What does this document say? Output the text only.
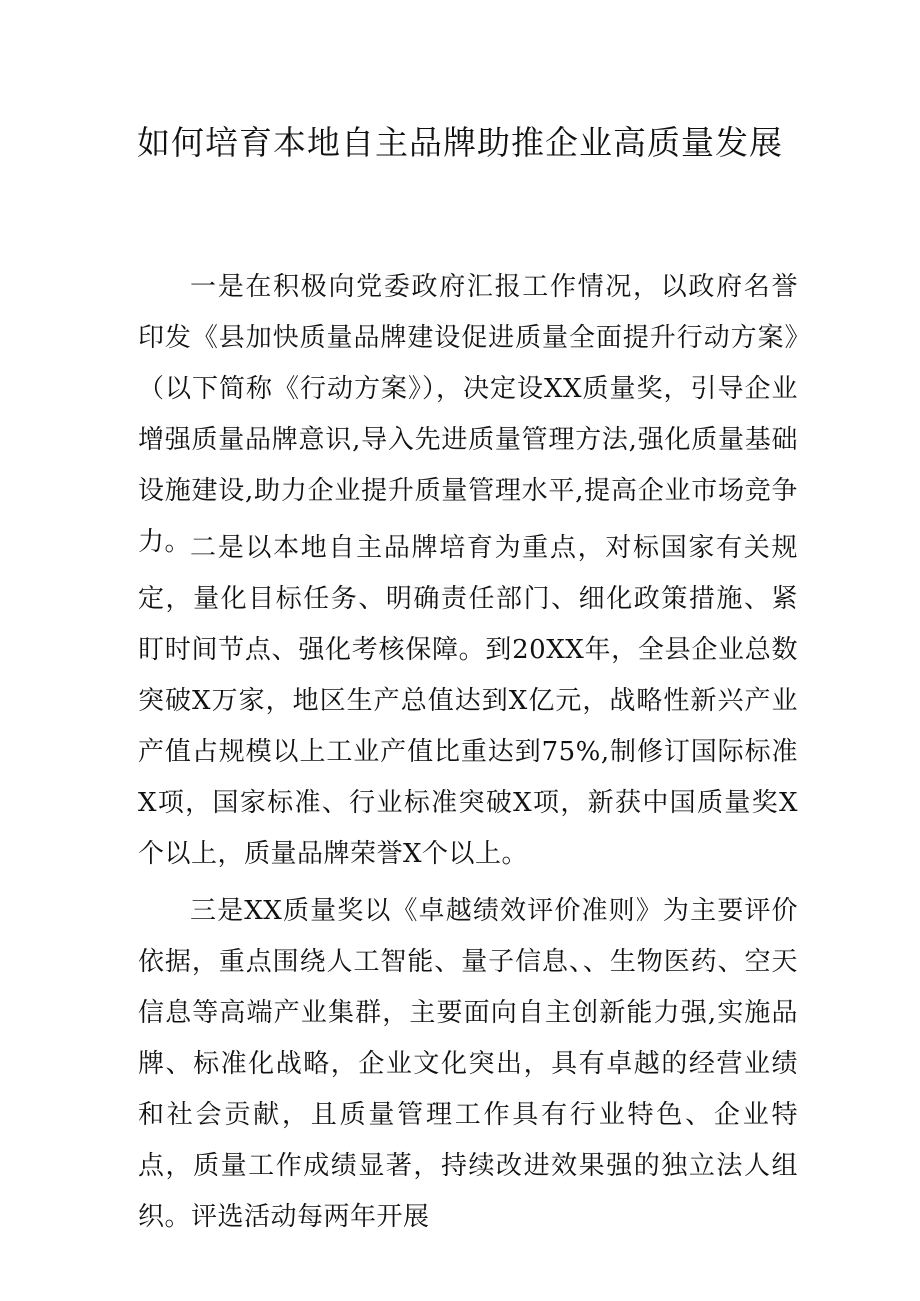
如何培育本地自主品牌助推企业高质量发展

一是在积极向党委政府汇报工作情况，以政府名誉印发《县加快质量品牌建设促进质量全面提升行动方案》（以下简称《行动方案》），决定设XX质量奖，引导企业增强质量品牌意识,导入先进质量管理方法,强化质量基础设施建设,助力企业提升质量管理水平,提高企业市场竞争力。

二是以本地自主品牌培育为重点，对标国家有关规定，量化目标任务、明确责任部门、细化政策措施、紧盯时间节点、强化考核保障。到20XX年，全县企业总数突破X万家，地区生产总值达到X亿元，战略性新兴产业产值占规模以上工业产值比重达到75%,制修订国际标准X项，国家标准、行业标准突破X项，新获中国质量奖X个以上，质量品牌荣誉X个以上。

三是XX质量奖以《卓越绩效评价准则》为主要评价依据，重点围绕人工智能、量子信息、、生物医药、空天信息等高端产业集群，主要面向自主创新能力强,实施品牌、标准化战略，企业文化突出，具有卓越的经营业绩和社会贡献，且质量管理工作具有行业特色、企业特点，质量工作成绩显著，持续改进效果强的独立法人组织。评选活动每两年开展
